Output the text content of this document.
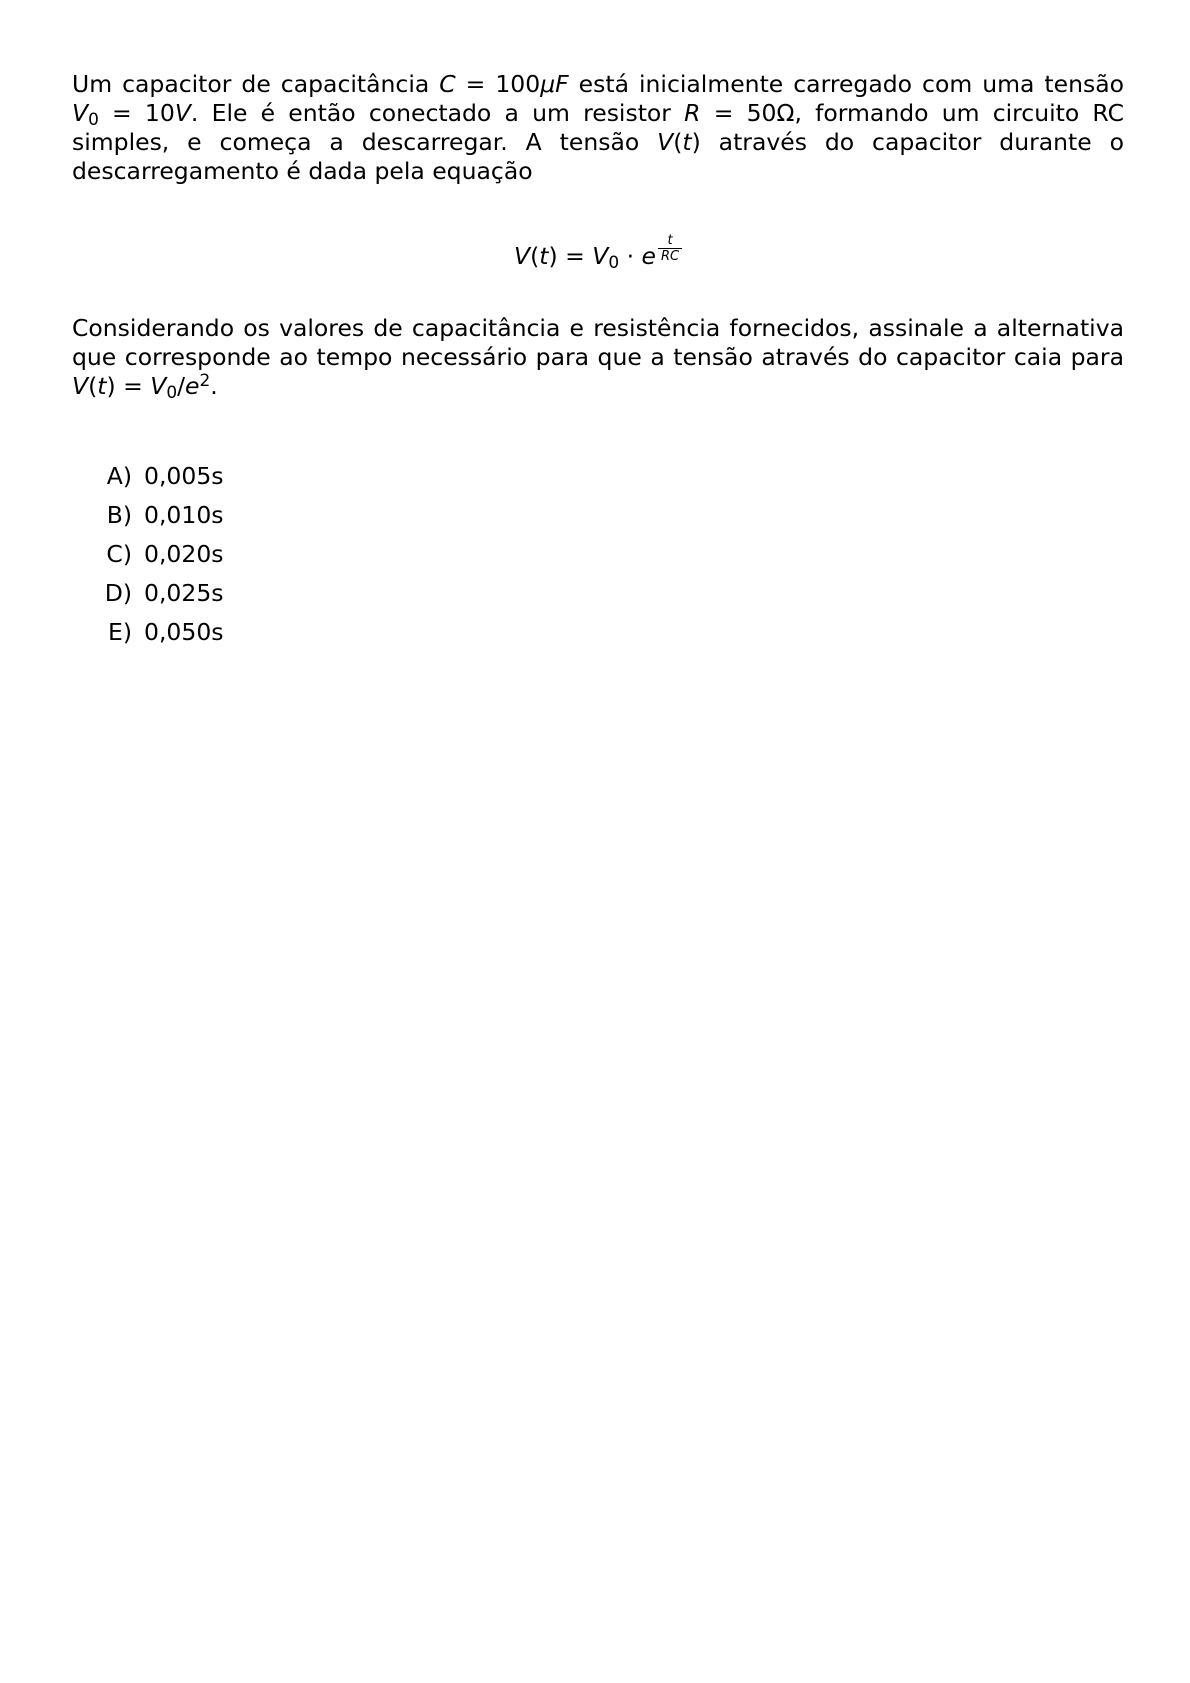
Um capacitor de capacitância C = 100μF está inicialmente carregado com uma tensão $V_0 = 10V$. Ele é então conectado a um resistor R = 50Ω, formando um circuito RC simples, e começa a descarregar. A tensão V(t) através do capacitor durante o descarregamento é dada pela equação

$V(t) = V_0 \cdot e \frac{t}{RC}$

Considerando os valores de capacitância e resistência fornecidos, assinale a alternativa que corresponde ao tempo necessário para que a tensão através do capacitor caia para $V(t) = V_0/e^2$.

A) 0,005s
B) 0,010s
C) 0,020s
D) 0,025s
E) 0,050s
